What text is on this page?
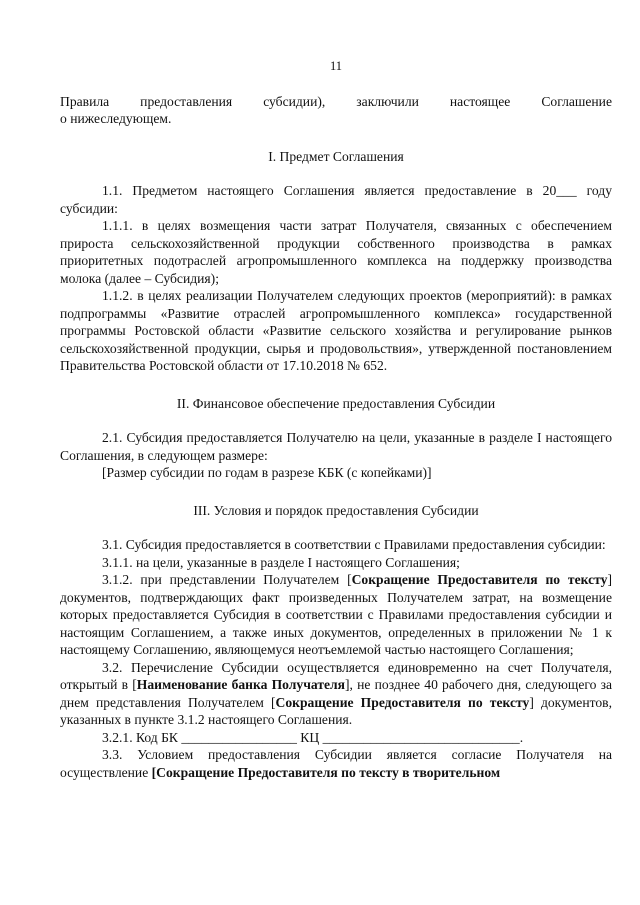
11

Правила предоставления субсидии), заключили настоящее Соглашение

о нижеследующем.

I. Предмет Соглашения

1.1. Предметом настоящего Соглашения является предоставление в 20___ году субсидии:

1.1.1. в целях возмещения части затрат Получателя, связанных с обеспечением прироста сельскохозяйственной продукции собственного производства в рамках приоритетных подотраслей агропромышленного комплекса на поддержку производства молока (далее – Субсидия);

1.1.2. в целях реализации Получателем следующих проектов (мероприятий): в рамках подпрограммы «Развитие отраслей агропромышленного комплекса» государственной программы Ростовской области «Развитие сельского хозяйства и регулирование рынков сельскохозяйственной продукции, сырья и продовольствия», утвержденной постановлением Правительства Ростовской области от 17.10.2018 № 652.

II. Финансовое обеспечение предоставления Субсидии

2.1. Субсидия предоставляется Получателю на цели, указанные в разделе I настоящего Соглашения, в следующем размере:

[Размер субсидии по годам в разрезе КБК (с копейками)]

III. Условия и порядок предоставления Субсидии

3.1. Субсидия предоставляется в соответствии с Правилами предоставления субсидии:

3.1.1. на цели, указанные в разделе I настоящего Соглашения;

3.1.2. при представлении Получателем [Сокращение Предоставителя по тексту] документов, подтверждающих факт произведенных Получателем затрат, на возмещение которых предоставляется Субсидия в соответствии с Правилами предоставления субсидии и настоящим Соглашением, а также иных документов, определенных в приложении № 1 к настоящему Соглашению, являющемуся неотъемлемой частью настоящего Соглашения;

3.2. Перечисление Субсидии осуществляется единовременно на счет Получателя, открытый в [Наименование банка Получателя], не позднее 40 рабочего дня, следующего за днем представления Получателем [Сокращение Предоставителя по тексту] документов, указанных в пункте 3.1.2 настоящего Соглашения.

3.2.1. Код БК _________________ КЦ _____________________________.

3.3. Условием предоставления Субсидии является согласие Получателя на осуществление [Сокращение Предоставителя по тексту в творительном
